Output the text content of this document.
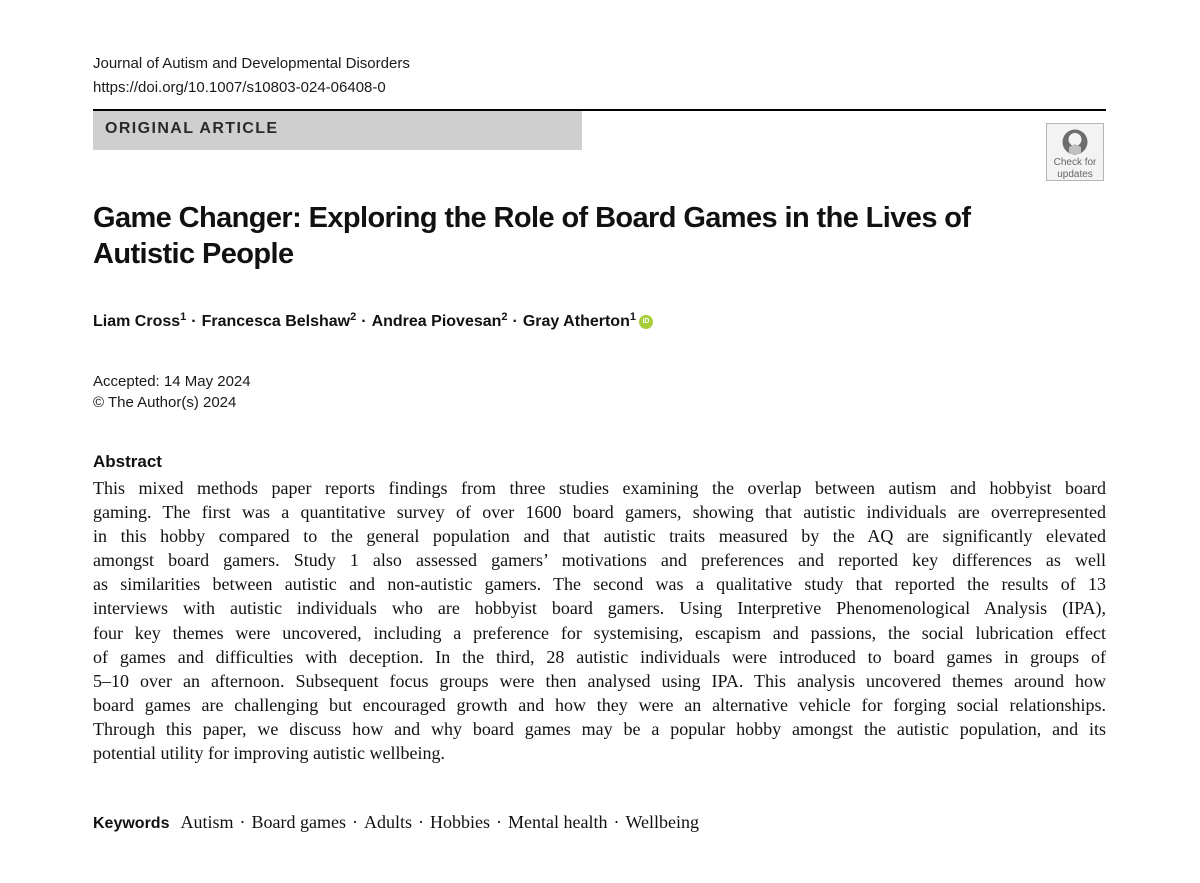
Journal of Autism and Developmental Disorders
https://doi.org/10.1007/s10803-024-06408-0
ORIGINAL ARTICLE
Check for
updates
Game Changer: Exploring the Role of Board Games in the Lives of Autistic People
Liam Cross$^1$ · Francesca Belshaw$^2$ · Andrea Piovesan$^2$ · Gray Atherton$^1$ iD
Accepted: 14 May 2024
© The Author(s) 2024
Abstract
This mixed methods paper reports findings from three studies examining the overlap between autism and hobbyist board
gaming. The first was a quantitative survey of over 1600 board gamers, showing that autistic individuals are overrepresented
in this hobby compared to the general population and that autistic traits measured by the AQ are significantly elevated
amongst board gamers. Study 1 also assessed gamers’ motivations and preferences and reported key differences as well
as similarities between autistic and non-autistic gamers. The second was a qualitative study that reported the results of 13
interviews with autistic individuals who are hobbyist board gamers. Using Interpretive Phenomenological Analysis (IPA),
four key themes were uncovered, including a preference for systemising, escapism and passions, the social lubrication effect
of games and difficulties with deception. In the third, 28 autistic individuals were introduced to board games in groups of
5–10 over an afternoon. Subsequent focus groups were then analysed using IPA. This analysis uncovered themes around how
board games are challenging but encouraged growth and how they were an alternative vehicle for forging social relationships.
Through this paper, we discuss how and why board games may be a popular hobby amongst the autistic population, and its
potential utility for improving autistic wellbeing.
Keywords Autism · Board games · Adults · Hobbies · Mental health · Wellbeing
